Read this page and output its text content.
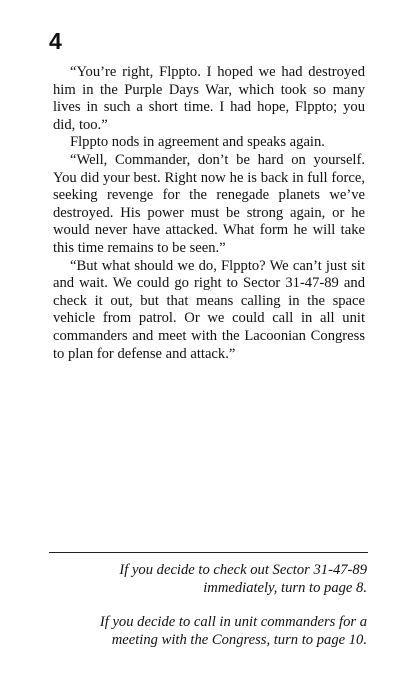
4

“You’re right, Flppto. I hoped we had destroyed him in the Purple Days War, which took so many lives in such a short time. I had hope, Flppto; you did, too.”

Flppto nods in agreement and speaks again.

“Well, Commander, don’t be hard on yourself. You did your best. Right now he is back in full force, seeking revenge for the renegade planets we’ve destroyed. His power must be strong again, or he would never have attacked. What form he will take this time remains to be seen.”

“But what should we do, Flppto? We can’t just sit and wait. We could go right to Sector 31-47-89 and check it out, but that means calling in the space vehicle from patrol. Or we could call in all unit commanders and meet with the Lacoonian Congress to plan for defense and attack.”

If you decide to check out Sector 31-47-89
immediately, turn to page 8.
If you decide to call in unit commanders for a
meeting with the Congress, turn to page 10.
